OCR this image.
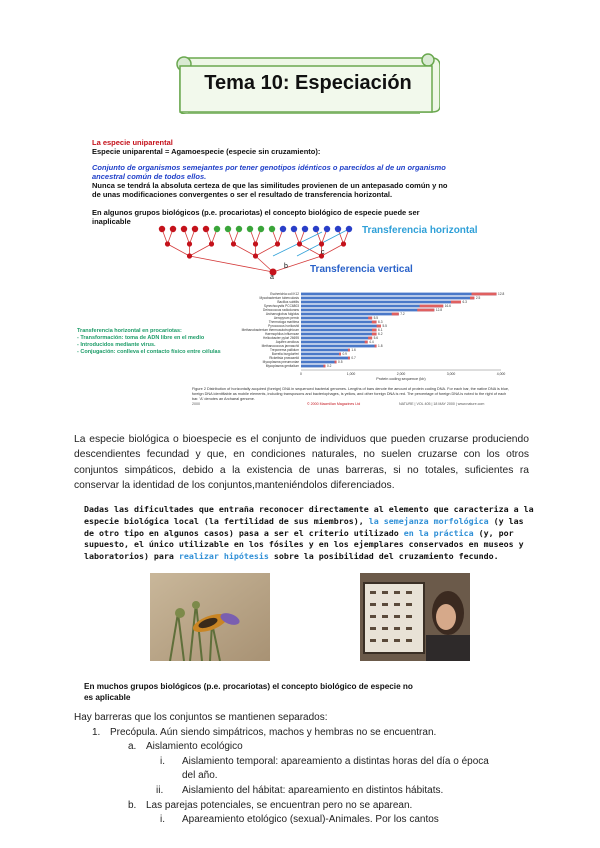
Tema 10: Especiación
La especie uniparental
Especie uniparental = Agamoespecie (especie sin cruzamiento):
Conjunto de organismos semejantes por tener genotipos idénticos o parecidos al de un organismo
ancestral común de todos ellos.
Nunca se tendrá la absoluta certeza de que las similitudes provienen de un antepasado común y no
de unas modificaciones convergentes o ser el resultado de transferencia horizontal.
En algunos grupos biológicos (p.e. procariotas) el concepto biológico de especie puede ser
inaplicable
Transferencia horizontal
Transferencia vertical
a
b
c
Transferencia horizontal en procariotas:
- Transformación: toma de ADN libre en el medio
- Introducidos mediante virus.
- Conjugación: conlleva el contacto físico entre células
Escherichia coli K12	12.8
Mycobacterium tuberculosis	2.5
Bacillus subtilis	6.3
Synechocystis PCC6803	16.6
Deinococcus radiodurans	12.8
Archaeoglobus fulgidus	7.2
Aeropyrum pernix	5.5
Thermotoga maritima	6.3
Pyrococcus horikoshii	5.5
Methanobacterium thermoautotrophicum	6.1
Haemophilus influenzae	6.2
Helicobacter pylori 26695	5.6
Aquifex aeolicus	4.4
Methanococcus jannaschii	1.8
Treponema pallidum	1.6
Borrelia burgdorferi	0.9
Rickettsia prowazekii	0.7
Mycoplasma pneumoniae	0.5
Mycoplasma genitalium	0.2
0	1,000	2,000	3,000	4,000
Protein coding sequence (kb)
Figure 2 Distribution of horizontally acquired (foreign) DNA in sequenced bacterial genomes. Lengths of bars denote the amount of protein coding DNA. For each bar, the native DNA is blue, foreign DNA identifiable as mobile elements, including transposons and bacteriophages, is yellow, and other foreign DNA is red. The percentage of foreign DNA is noted to the right of each bar. 'A' denotes an Archaeal genome.
2000	© 2000 Macmillan Magazines Ltd	NATURE | VOL 405 | 18 MAY 2000 | www.nature.com
La especie biológica o bioespecie es el conjunto de individuos que pueden cruzarse produciendo descendientes fecundad y que, en condiciones naturales, no suelen cruzarse con los otros conjuntos simpáticos, debido a la existencia de unas barreras, si no totales, suficientes ra conservar la identidad de los conjuntos,manteniéndolos diferenciados.
Dadas las dificultades que entraña reconocer directamente al elemento que caracteriza a la especie biológica local (la fertilidad de sus miembros), la semejanza morfológica (y las de otro tipo en algunos casos) pasa a ser el criterio utilizado en la práctica (y, por supuesto, el único utilizable en los fósiles y en los ejemplares conservados en museos y laboratorios) para realizar hipótesis sobre la posibilidad del cruzamiento fecundo.
En muchos grupos biológicos (p.e. procariotas) el concepto biológico de especie no
es aplicable
Hay barreras que los conjuntos se mantienen separados:
1. Precópula. Aún siendo simpátricos, machos y hembras no se encuentran.
a. Aislamiento ecológico
i. Aislamiento temporal: apareamiento a distintas horas del día o época
del año.
ii. Aislamiento del hábitat: apareamiento en distintos hábitats.
b. Las parejas potenciales, se encuentran pero no se aparean.
i. Apareamiento etológico (sexual)-Animales. Por los cantos
